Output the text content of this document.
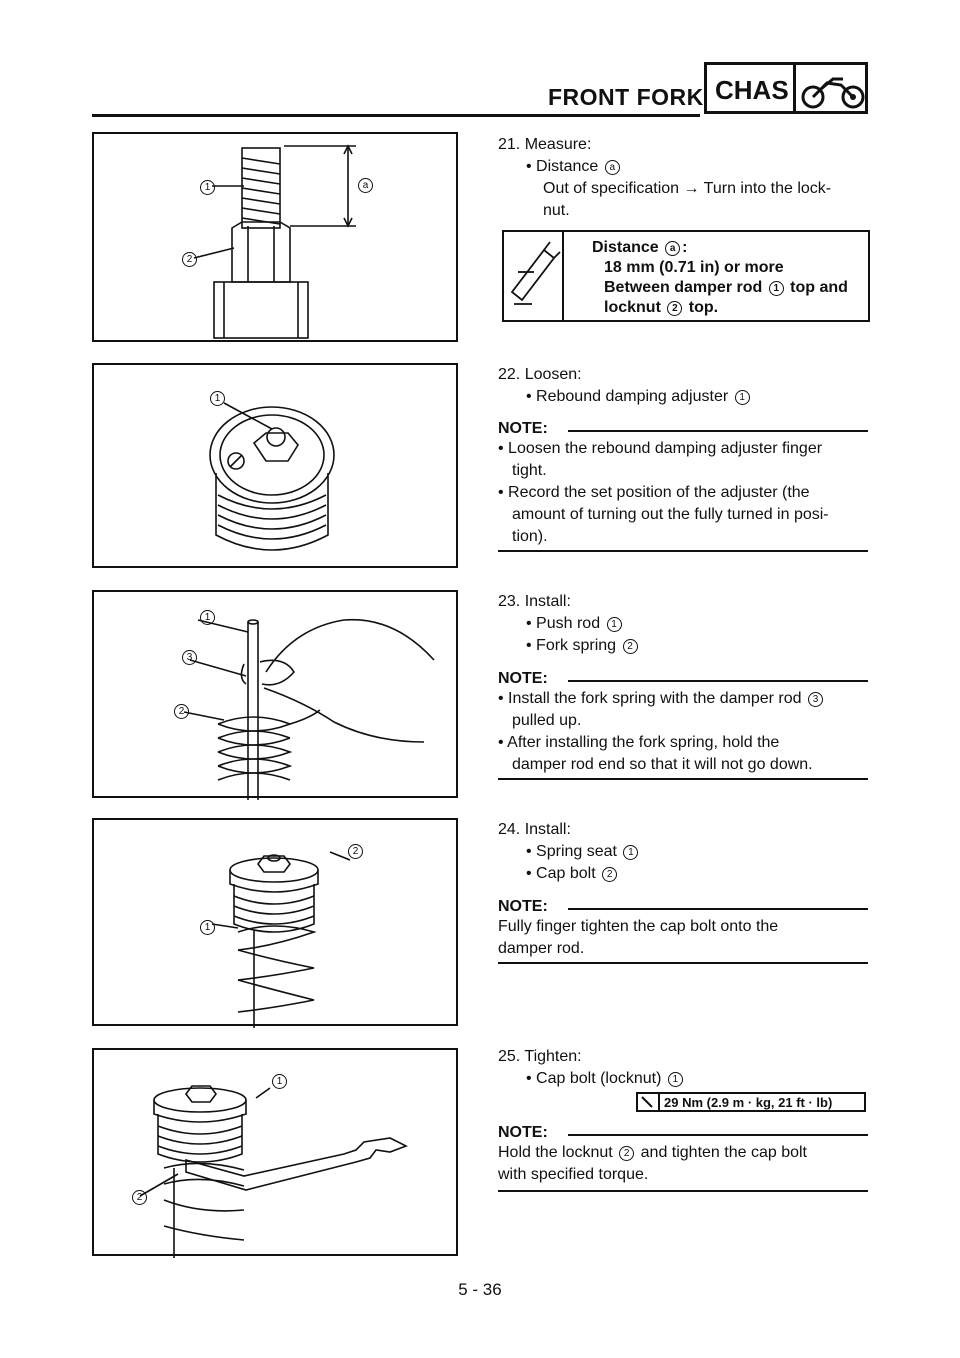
FRONT FORK CHAS
1
2
a
21. Measure:
• Distance a
Out of specification → Turn into the lock-
nut.
Distance a :
18 mm (0.71 in) or more
Between damper rod 1 top and
locknut 2 top.
1
22. Loosen:
• Rebound damping adjuster 1
NOTE:
• Loosen the rebound damping adjuster finger
tight.
• Record the set position of the adjuster (the
amount of turning out the fully turned in posi-
tion).
1
3
2
23. Install:
• Push rod 1
• Fork spring 2
NOTE:
• Install the fork spring with the damper rod 3
pulled up.
• After installing the fork spring, hold the
damper rod end so that it will not go down.
2
1
24. Install:
• Spring seat 1
• Cap bolt 2
NOTE:
Fully finger tighten the cap bolt onto the
damper rod.
1
2
25. Tighten:
• Cap bolt (locknut) 1
29 Nm (2.9 m · kg, 21 ft · lb)
NOTE:
Hold the locknut 2 and tighten the cap bolt
with specified torque.
5 - 36
